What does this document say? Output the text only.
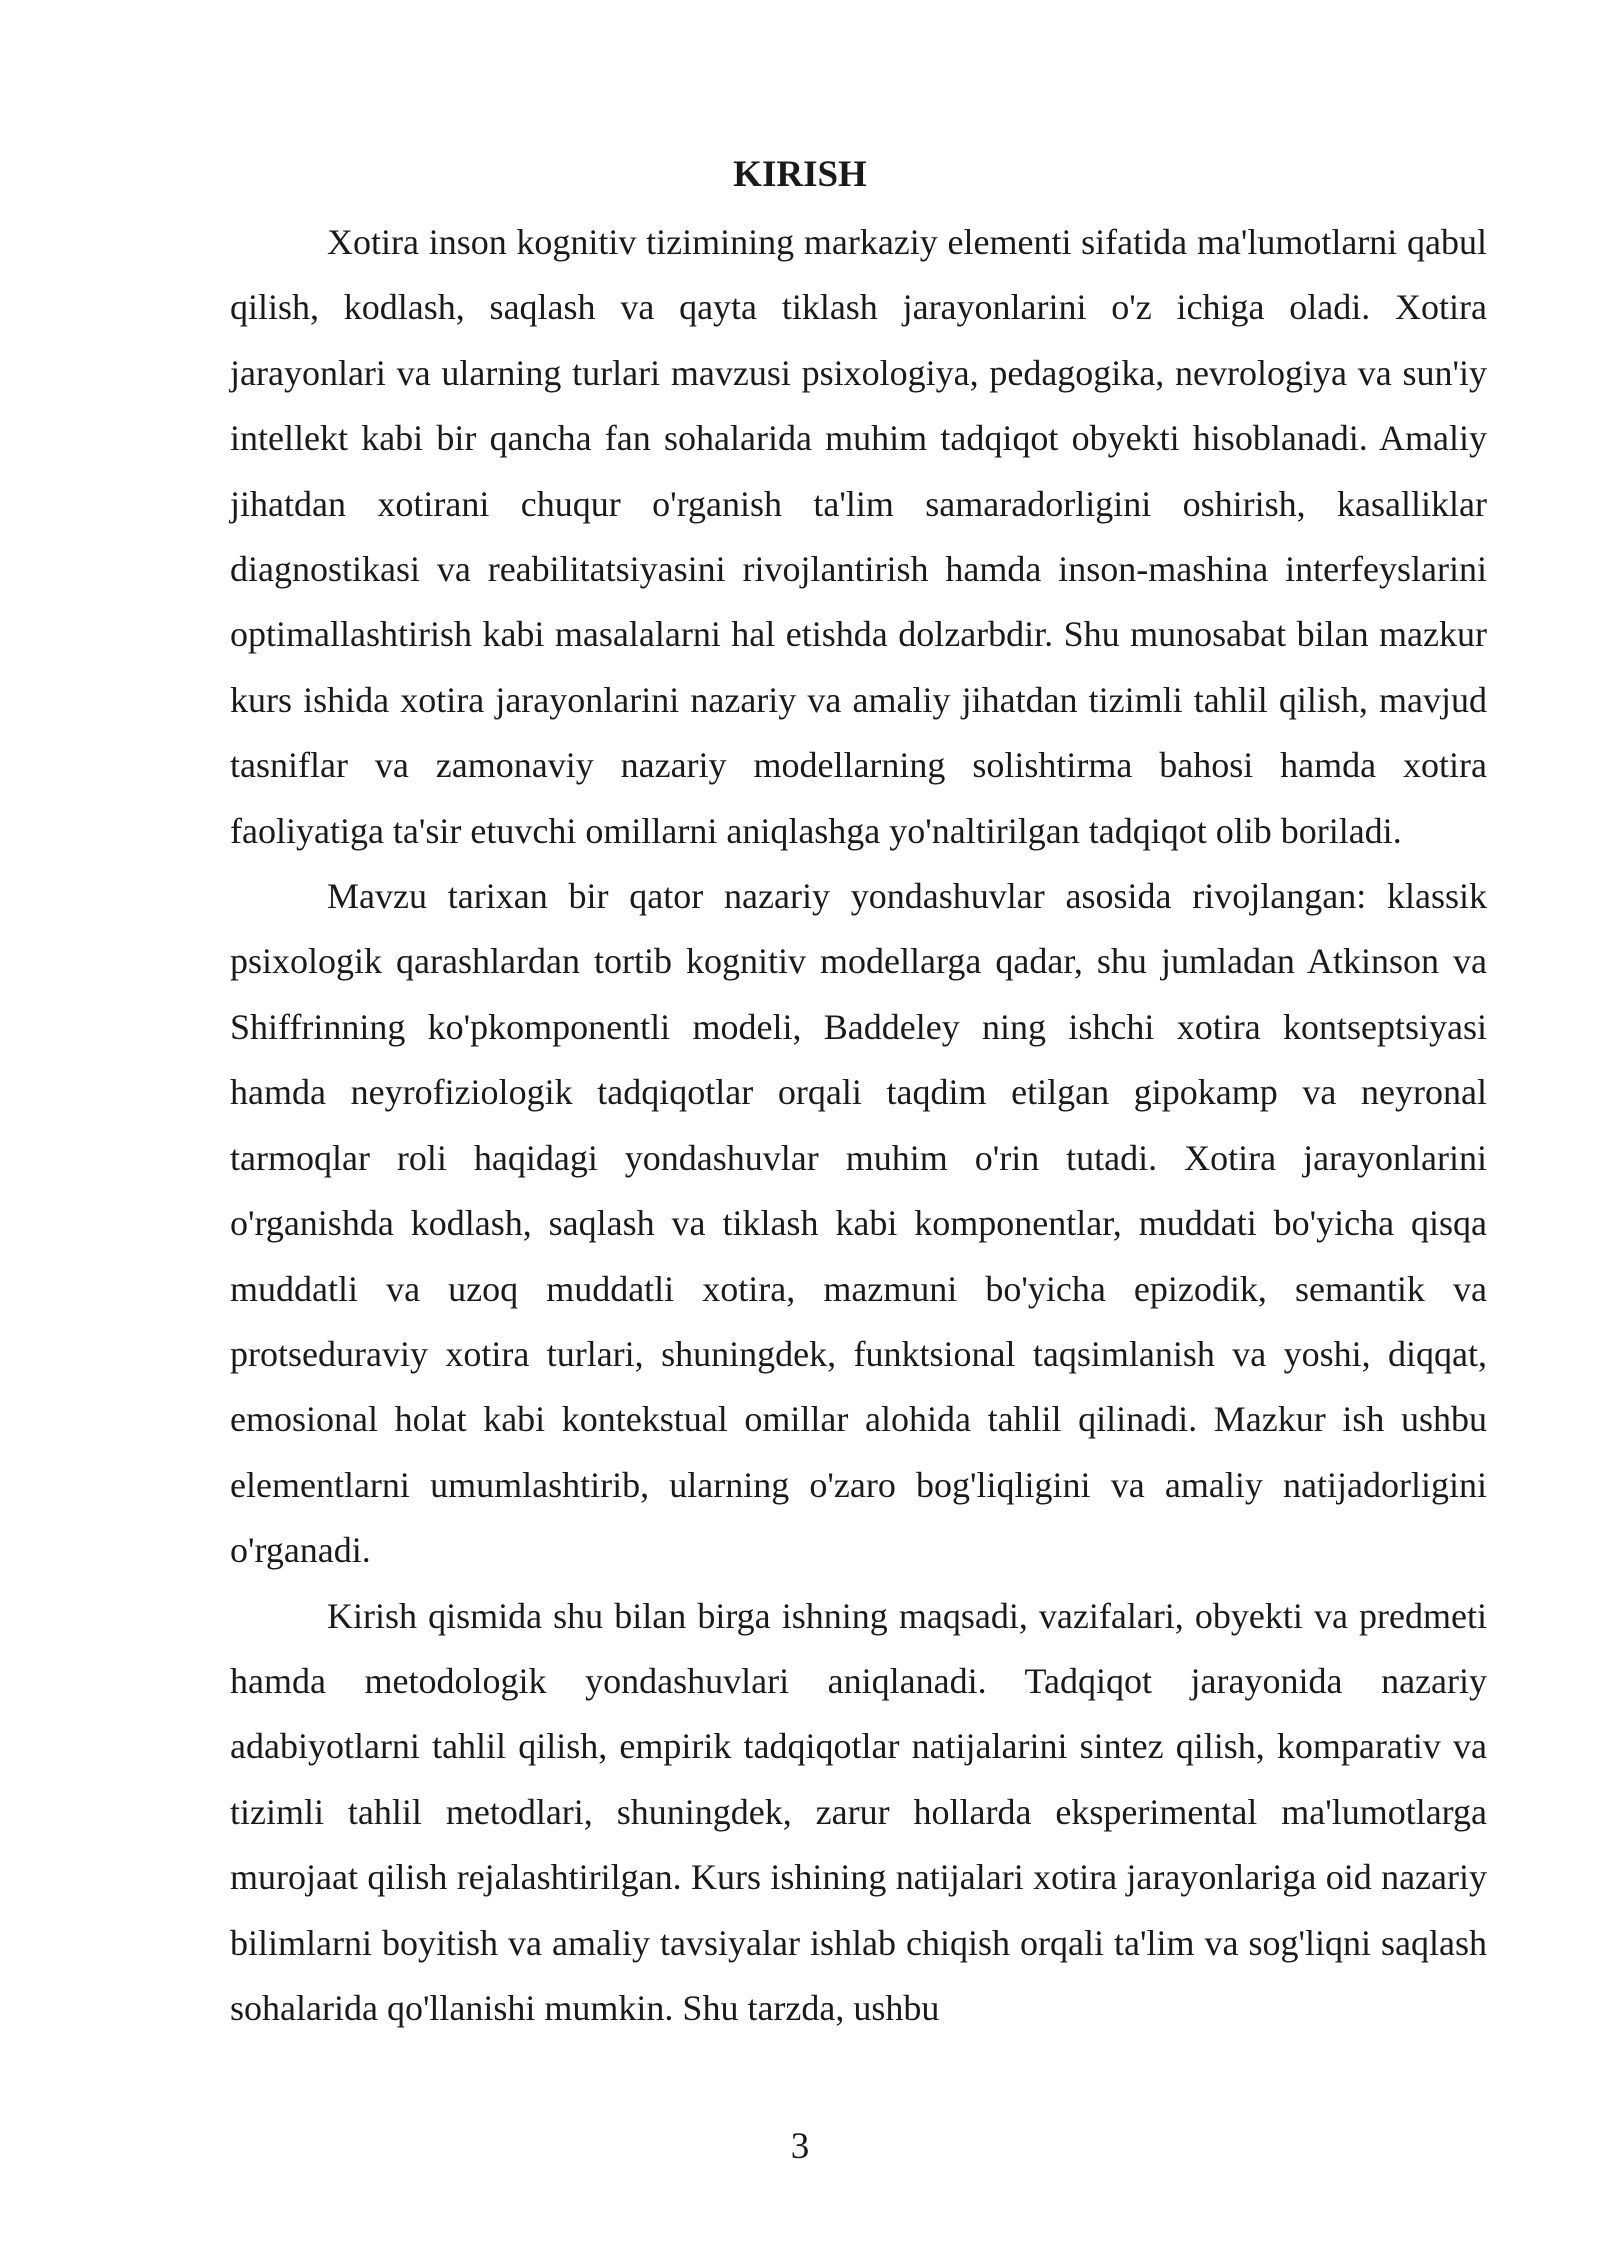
KIRISH

Xotira inson kognitiv tizimining markaziy elementi sifatida ma'lumotlarni qabul qilish, kodlash, saqlash va qayta tiklash jarayonlarini o'z ichiga oladi. Xotira jarayonlari va ularning turlari mavzusi psixologiya, pedagogika, nevrologiya va sun'iy intellekt kabi bir qancha fan sohalarida muhim tadqiqot obyekti hisoblanadi. Amaliy jihatdan xotirani chuqur o'rganish ta'lim samaradorligini oshirish, kasalliklar diagnostikasi va reabilitatsiyasini rivojlantirish hamda inson-mashina interfeyslarini optimallashtirish kabi masalalarni hal etishda dolzarbdir. Shu munosabat bilan mazkur kurs ishida xotira jarayonlarini nazariy va amaliy jihatdan tizimli tahlil qilish, mavjud tasniflar va zamonaviy nazariy modellarning solishtirma bahosi hamda xotira faoliyatiga ta'sir etuvchi omillarni aniqlashga yo'naltirilgan tadqiqot olib boriladi.

Mavzu tarixan bir qator nazariy yondashuvlar asosida rivojlangan: klassik psixologik qarashlardan tortib kognitiv modellarga qadar, shu jumladan Atkinson va Shiffrinning ko'pkomponentli modeli, Baddeley ning ishchi xotira kontseptsiyasi hamda neyrofiziologik tadqiqotlar orqali taqdim etilgan gipokamp va neyronal tarmoqlar roli haqidagi yondashuvlar muhim o'rin tutadi. Xotira jarayonlarini o'rganishda kodlash, saqlash va tiklash kabi komponentlar, muddati bo'yicha qisqa muddatli va uzoq muddatli xotira, mazmuni bo'yicha epizodik, semantik va protseduraviy xotira turlari, shuningdek, funktsional taqsimlanish va yoshi, diqqat, emosional holat kabi kontekstual omillar alohida tahlil qilinadi. Mazkur ish ushbu elementlarni umumlashtirib, ularning o'zaro bog'liqligini va amaliy natijadorligini o'rganadi.

Kirish qismida shu bilan birga ishning maqsadi, vazifalari, obyekti va predmeti hamda metodologik yondashuvlari aniqlanadi. Tadqiqot jarayonida nazariy adabiyotlarni tahlil qilish, empirik tadqiqotlar natijalarini sintez qilish, komparativ va tizimli tahlil metodlari, shuningdek, zarur hollarda eksperimental ma'lumotlarga murojaat qilish rejalashtirilgan. Kurs ishining natijalari xotira jarayonlariga oid nazariy bilimlarni boyitish va amaliy tavsiyalar ishlab chiqish orqali ta'lim va sog'liqni saqlash sohalarida qo'llanishi mumkin. Shu tarzda, ushbu

3
